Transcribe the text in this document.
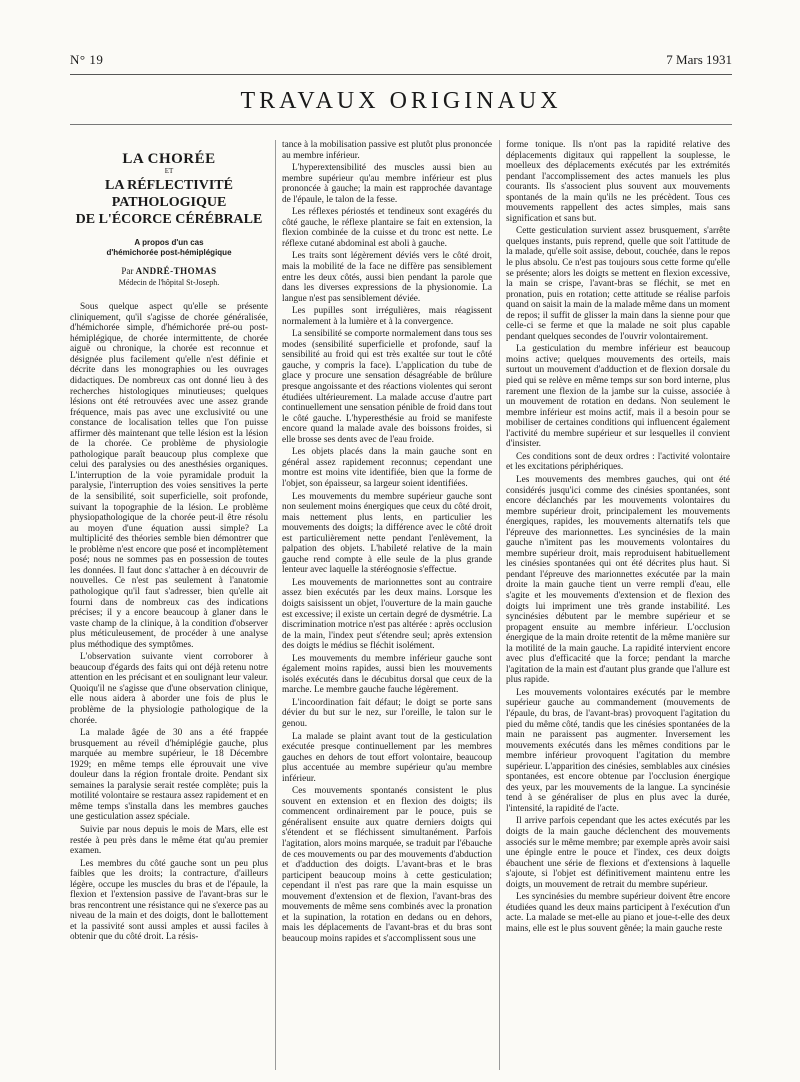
N° 19	7 Mars 1931
TRAVAUX ORIGINAUX
LA CHORÉE
ET
LA RÉFLECTIVITÉ PATHOLOGIQUE
DE L'ÉCORCE CÉRÉBRALE
A propos d'un cas
d'hémichorée post-hémiplégique
Par ANDRÉ-THOMAS
Médecin de l'hôpital St-Joseph.

Sous quelque aspect qu'elle se présente cliniquement, qu'il s'agisse de chorée généralisée, d'hémichorée simple, d'hémichorée pré-ou post-hémiplégique, de chorée intermittente, de chorée aiguë ou chronique, la chorée est reconnue et désignée plus facilement qu'elle n'est définie et décrite dans les monographies ou les ouvrages didactiques. De nombreux cas ont donné lieu à des recherches histologiques minutieuses; quelques lésions ont été retrouvées avec une assez grande fréquence, mais pas avec une exclusivité ou une constance de localisation telles que l'on puisse affirmer dès maintenant que telle lésion est la lésion de la chorée. Ce problème de physiologie pathologique paraît beaucoup plus complexe que celui des paralysies ou des anesthésies organiques. L'interruption de la voie pyramidale produit la paralysie, l'interruption des voies sensitives la perte de la sensibilité, soit superficielle, soit profonde, suivant la topographie de la lésion. Le problème physiopathologique de la chorée peut-il être résolu au moyen d'une équation aussi simple? La multiplicité des théories semble bien démontrer que le problème n'est encore que posé et incomplètement posé; nous ne sommes pas en possession de toutes les données. Il faut donc s'attacher à en découvrir de nouvelles. Ce n'est pas seulement à l'anatomie pathologique qu'il faut s'adresser, bien qu'elle ait fourni dans de nombreux cas des indications précises; il y a encore beaucoup à glaner dans le vaste champ de la clinique, à la condition d'observer plus méticuleusement, de procéder à une analyse plus méthodique des symptômes.

L'observation suivante vient corroborer à beaucoup d'égards des faits qui ont déjà retenu notre attention en les précisant et en soulignant leur valeur. Quoiqu'il ne s'agisse que d'une observation clinique, elle nous aidera à aborder une fois de plus le problème de la physiologie pathologique de la chorée.

La malade âgée de 30 ans a été frappée brusquement au réveil d'hémiplégie gauche, plus marquée au membre supérieur, le 18 Décembre 1929; en même temps elle éprouvait une vive douleur dans la région frontale droite. Pendant six semaines la paralysie serait restée complète; puis la motilité volontaire se restaura assez rapidement et en même temps s'installa dans les membres gauches une gesticulation assez spéciale.

Suivie par nous depuis le mois de Mars, elle est restée à peu près dans le même état qu'au premier examen.

Les membres du côté gauche sont un peu plus faibles que les droits; la contracture, d'ailleurs légère, occupe les muscles du bras et de l'épaule, la flexion et l'extension passive de l'avant-bras sur le bras rencontrent une résistance qui ne s'exerce pas au niveau de la main et des doigts, dont le ballottement et la passivité sont aussi amples et aussi faciles à obtenir que du côté droit. La résis-

tance à la mobilisation passive est plutôt plus prononcée au membre inférieur.

L'hyperextensibilité des muscles aussi bien au membre supérieur qu'au membre inférieur est plus prononcée à gauche; la main est rapprochée davantage de l'épaule, le talon de la fesse.

Les réflexes périostés et tendineux sont exagérés du côté gauche, le réflexe plantaire se fait en extension, la flexion combinée de la cuisse et du tronc est nette. Le réflexe cutané abdominal est aboli à gauche.

Les traits sont légèrement déviés vers le côté droit, mais la mobilité de la face ne diffère pas sensiblement entre les deux côtés, aussi bien pendant la parole que dans les diverses expressions de la physionomie. La langue n'est pas sensiblement déviée.

Les pupilles sont irrégulières, mais réagissent normalement à la lumière et à la convergence.

La sensibilité se comporte normalement dans tous ses modes (sensibilité superficielle et profonde, sauf la sensibilité au froid qui est très exaltée sur tout le côté gauche, y compris la face). L'application du tube de glace y procure une sensation désagréable de brûlure presque angoissante et des réactions violentes qui seront étudiées ultérieurement. La malade accuse d'autre part continuellement une sensation pénible de froid dans tout le côté gauche. L'hyperesthésie au froid se manifeste encore quand la malade avale des boissons froides, si elle brosse ses dents avec de l'eau froide.

Les objets placés dans la main gauche sont en général assez rapidement reconnus; cependant une montre est moins vite identifiée, bien que la forme de l'objet, son épaisseur, sa largeur soient identifiées.

Les mouvements du membre supérieur gauche sont non seulement moins énergiques que ceux du côté droit, mais nettement plus lents, en particulier les mouvements des doigts; la différence avec le côté droit est particulièrement nette pendant l'enlèvement, la palpation des objets. L'habileté relative de la main gauche rend compte à elle seule de la plus grande lenteur avec laquelle la stéréognosie s'effectue.

Les mouvements de marionnettes sont au contraire assez bien exécutés par les deux mains. Lorsque les doigts saisissent un objet, l'ouverture de la main gauche est excessive; il existe un certain degré de dysmétrie. La discrimination motrice n'est pas altérée : après occlusion de la main, l'index peut s'étendre seul; après extension des doigts le médius se fléchit isolément.

Les mouvements du membre inférieur gauche sont également moins rapides, aussi bien les mouvements isolés exécutés dans le décubitus dorsal que ceux de la marche. Le membre gauche fauche légèrement.

L'incoordination fait défaut; le doigt se porte sans dévier du but sur le nez, sur l'oreille, le talon sur le genou.

La malade se plaint avant tout de la gesticulation exécutée presque continuellement par les membres gauches en dehors de tout effort volontaire, beaucoup plus accentuée au membre supérieur qu'au membre inférieur.

Ces mouvements spontanés consistent le plus souvent en extension et en flexion des doigts; ils commencent ordinairement par le pouce, puis se généralisent ensuite aux quatre derniers doigts qui s'étendent et se fléchissent simultanément. Parfois l'agitation, alors moins marquée, se traduit par l'ébauche de ces mouvements ou par des mouvements d'abduction et d'adduction des doigts. L'avant-bras et le bras participent beaucoup moins à cette gesticulation; cependant il n'est pas rare que la main esquisse un mouvement d'extension et de flexion, l'avant-bras des mouvements de même sens combinés avec la pronation et la supination, la rotation en dedans ou en dehors, mais les déplacements de l'avant-bras et du bras sont beaucoup moins rapides et s'accomplissent sous une

forme tonique. Ils n'ont pas la rapidité relative des déplacements digitaux qui rappellent la souplesse, le moelleux des déplacements exécutés par les extrémités pendant l'accomplissement des actes manuels les plus courants. Ils s'associent plus souvent aux mouvements spontanés de la main qu'ils ne les précèdent. Tous ces mouvements rappellent des actes simples, mais sans signification et sans but.

Cette gesticulation survient assez brusquement, s'arrête quelques instants, puis reprend, quelle que soit l'attitude de la malade, qu'elle soit assise, debout, couchée, dans le repos le plus absolu. Ce n'est pas toujours sous cette forme qu'elle se présente; alors les doigts se mettent en flexion excessive, la main se crispe, l'avant-bras se fléchit, se met en pronation, puis en rotation; cette attitude se réalise parfois quand on saisit la main de la malade même dans un moment de repos; il suffit de glisser la main dans la sienne pour que celle-ci se ferme et que la malade ne soit plus capable pendant quelques secondes de l'ouvrir volontairement.

La gesticulation du membre inférieur est beaucoup moins active; quelques mouvements des orteils, mais surtout un mouvement d'adduction et de flexion dorsale du pied qui se relève en même temps sur son bord interne, plus rarement une flexion de la jambe sur la cuisse, associée à un mouvement de rotation en dedans. Non seulement le membre inférieur est moins actif, mais il a besoin pour se mobiliser de certaines conditions qui influencent également l'activité du membre supérieur et sur lesquelles il convient d'insister.

Ces conditions sont de deux ordres : l'activité volontaire et les excitations périphériques.

Les mouvements des membres gauches, qui ont été considérés jusqu'ici comme des cinésies spontanées, sont encore déclanchés par les mouvements volontaires du membre supérieur droit, principalement les mouvements énergiques, rapides, les mouvements alternatifs tels que l'épreuve des marionnettes. Les syncinésies de la main gauche n'imitent pas les mouvements volontaires du membre supérieur droit, mais reproduisent habituellement les cinésies spontanées qui ont été décrites plus haut. Si pendant l'épreuve des marionnettes exécutée par la main droite la main gauche tient un verre rempli d'eau, elle s'agite et les mouvements d'extension et de flexion des doigts lui impriment une très grande instabilité. Les syncinésies débutent par le membre supérieur et se propagent ensuite au membre inférieur. L'occlusion énergique de la main droite retentit de la même manière sur la motilité de la main gauche. La rapidité intervient encore avec plus d'efficacité que la force; pendant la marche l'agitation de la main est d'autant plus grande que l'allure est plus rapide.

Les mouvements volontaires exécutés par le membre supérieur gauche au commandement (mouvements de l'épaule, du bras, de l'avant-bras) provoquent l'agitation du pied du même côté, tandis que les cinésies spontanées de la main ne paraissent pas augmenter. Inversement les mouvements exécutés dans les mêmes conditions par le membre inférieur provoquent l'agitation du membre supérieur. L'apparition des cinésies, semblables aux cinésies spontanées, est encore obtenue par l'occlusion énergique des yeux, par les mouvements de la langue. La syncinésie tend à se généraliser de plus en plus avec la durée, l'intensité, la rapidité de l'acte.

Il arrive parfois cependant que les actes exécutés par les doigts de la main gauche déclenchent des mouvements associés sur le même membre; par exemple après avoir saisi une épingle entre le pouce et l'index, ces deux doigts ébauchent une série de flexions et d'extensions à laquelle s'ajoute, si l'objet est définitivement maintenu entre les doigts, un mouvement de retrait du membre supérieur.

Les syncinésies du membre supérieur doivent être encore étudiées quand les deux mains participent à l'exécution d'un acte. La malade se met-elle au piano et joue-t-elle des deux mains, elle est le plus souvent gênée; la main gauche reste
